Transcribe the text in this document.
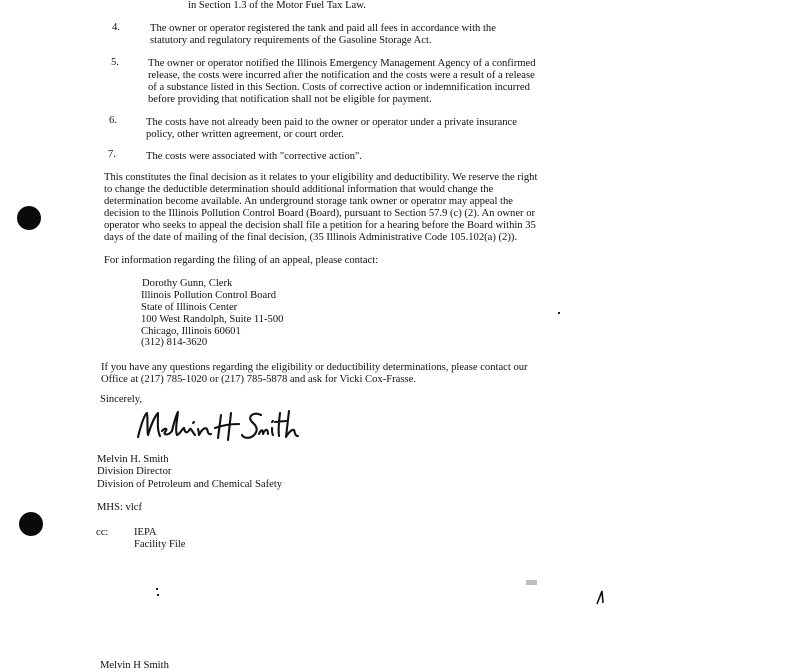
in Section 1.3 of the Motor Fuel Tax Law.
4.	The owner or operator registered the tank and paid all fees in accordance with the statutory and regulatory requirements of the Gasoline Storage Act.
5.	The owner or operator notified the Illinois Emergency Management Agency of a confirmed release, the costs were incurred after the notification and the costs were a result of a release of a substance listed in this Section. Costs of corrective action or indemnification incurred before providing that notification shall not be eligible for payment.
6.	The costs have not already been paid to the owner or operator under a private insurance policy, other written agreement, or court order.
7.	The costs were associated with "corrective action".
This constitutes the final decision as it relates to your eligibility and deductibility. We reserve the right to change the deductible determination should additional information that would change the determination become available. An underground storage tank owner or operator may appeal the decision to the Illinois Pollution Control Board (Board), pursuant to Section 57.9 (c) (2). An owner or operator who seeks to appeal the decision shall file a petition for a hearing before the Board within 35 days of the date of mailing of the final decision, (35 Illinois Administrative Code 105.102(a) (2)).
For information regarding the filing of an appeal, please contact:
Dorothy Gunn, Clerk
Illinois Pollution Control Board
State of Illinois Center
100 West Randolph, Suite 11-500
Chicago, Illinois 60601
(312) 814-3620
If you have any questions regarding the eligibility or deductibility determinations, please contact our Office at (217) 785-1020 or (217) 785-5878 and ask for Vicki Cox-Frasse.
Sincerely,
Melvin H Smith
Melvin H. Smith
Division Director
Division of Petroleum and Chemical Safety
MHS: vlcf
cc: IEPA
Facility File
